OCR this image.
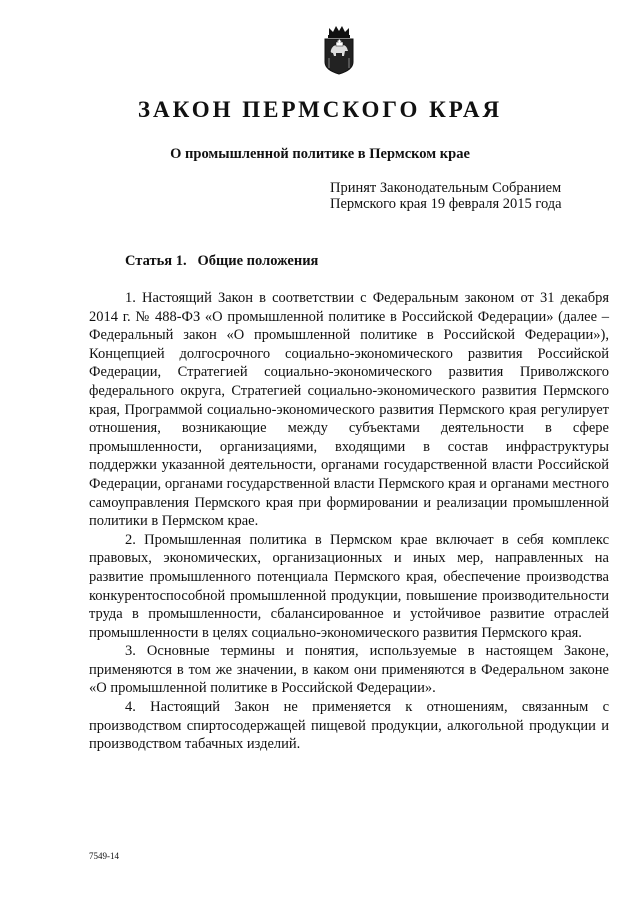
ЗАКОН ПЕРМСКОГО КРАЯ
О промышленной политике в Пермском крае
Принят Законодательным Собранием
Пермского края 19 февраля 2015 года
Статья 1.   Общие положения

1. Настоящий Закон в соответствии с Федеральным законом от 31 декабря 2014 г. № 488-ФЗ «О промышленной политике в Российской Федерации» (далее – Федеральный закон «О промышленной политике в Российской Федерации»), Концепцией долгосрочного социально-экономического развития Российской Федерации, Стратегией социально-экономического развития Приволжского федерального округа, Стратегией социально-экономического развития Пермского края, Программой социально-экономического развития Пермского края регулирует отношения, возникающие между субъектами деятельности в сфере промышленности, организациями, входящими в состав инфраструктуры поддержки указанной деятельности, органами государственной власти Российской Федерации, органами государственной власти Пермского края и органами местного самоуправления Пермского края при формировании и реализации промышленной политики в Пермском крае.

2. Промышленная политика в Пермском крае включает в себя комплекс правовых, экономических, организационных и иных мер, направленных на развитие промышленного потенциала Пермского края, обеспечение производства конкурентоспособной промышленной продукции, повышение производительности труда в промышленности, сбалансированное и устойчивое развитие отраслей промышленности в целях социально-экономического развития Пермского края.

3. Основные термины и понятия, используемые в настоящем Законе, применяются в том же значении, в каком они применяются в Федеральном законе «О промышленной политике в Российской Федерации».

4. Настоящий Закон не применяется к отношениям, связанным с производством спиртосодержащей пищевой продукции, алкогольной продукции и производством табачных изделий.

7549-14
